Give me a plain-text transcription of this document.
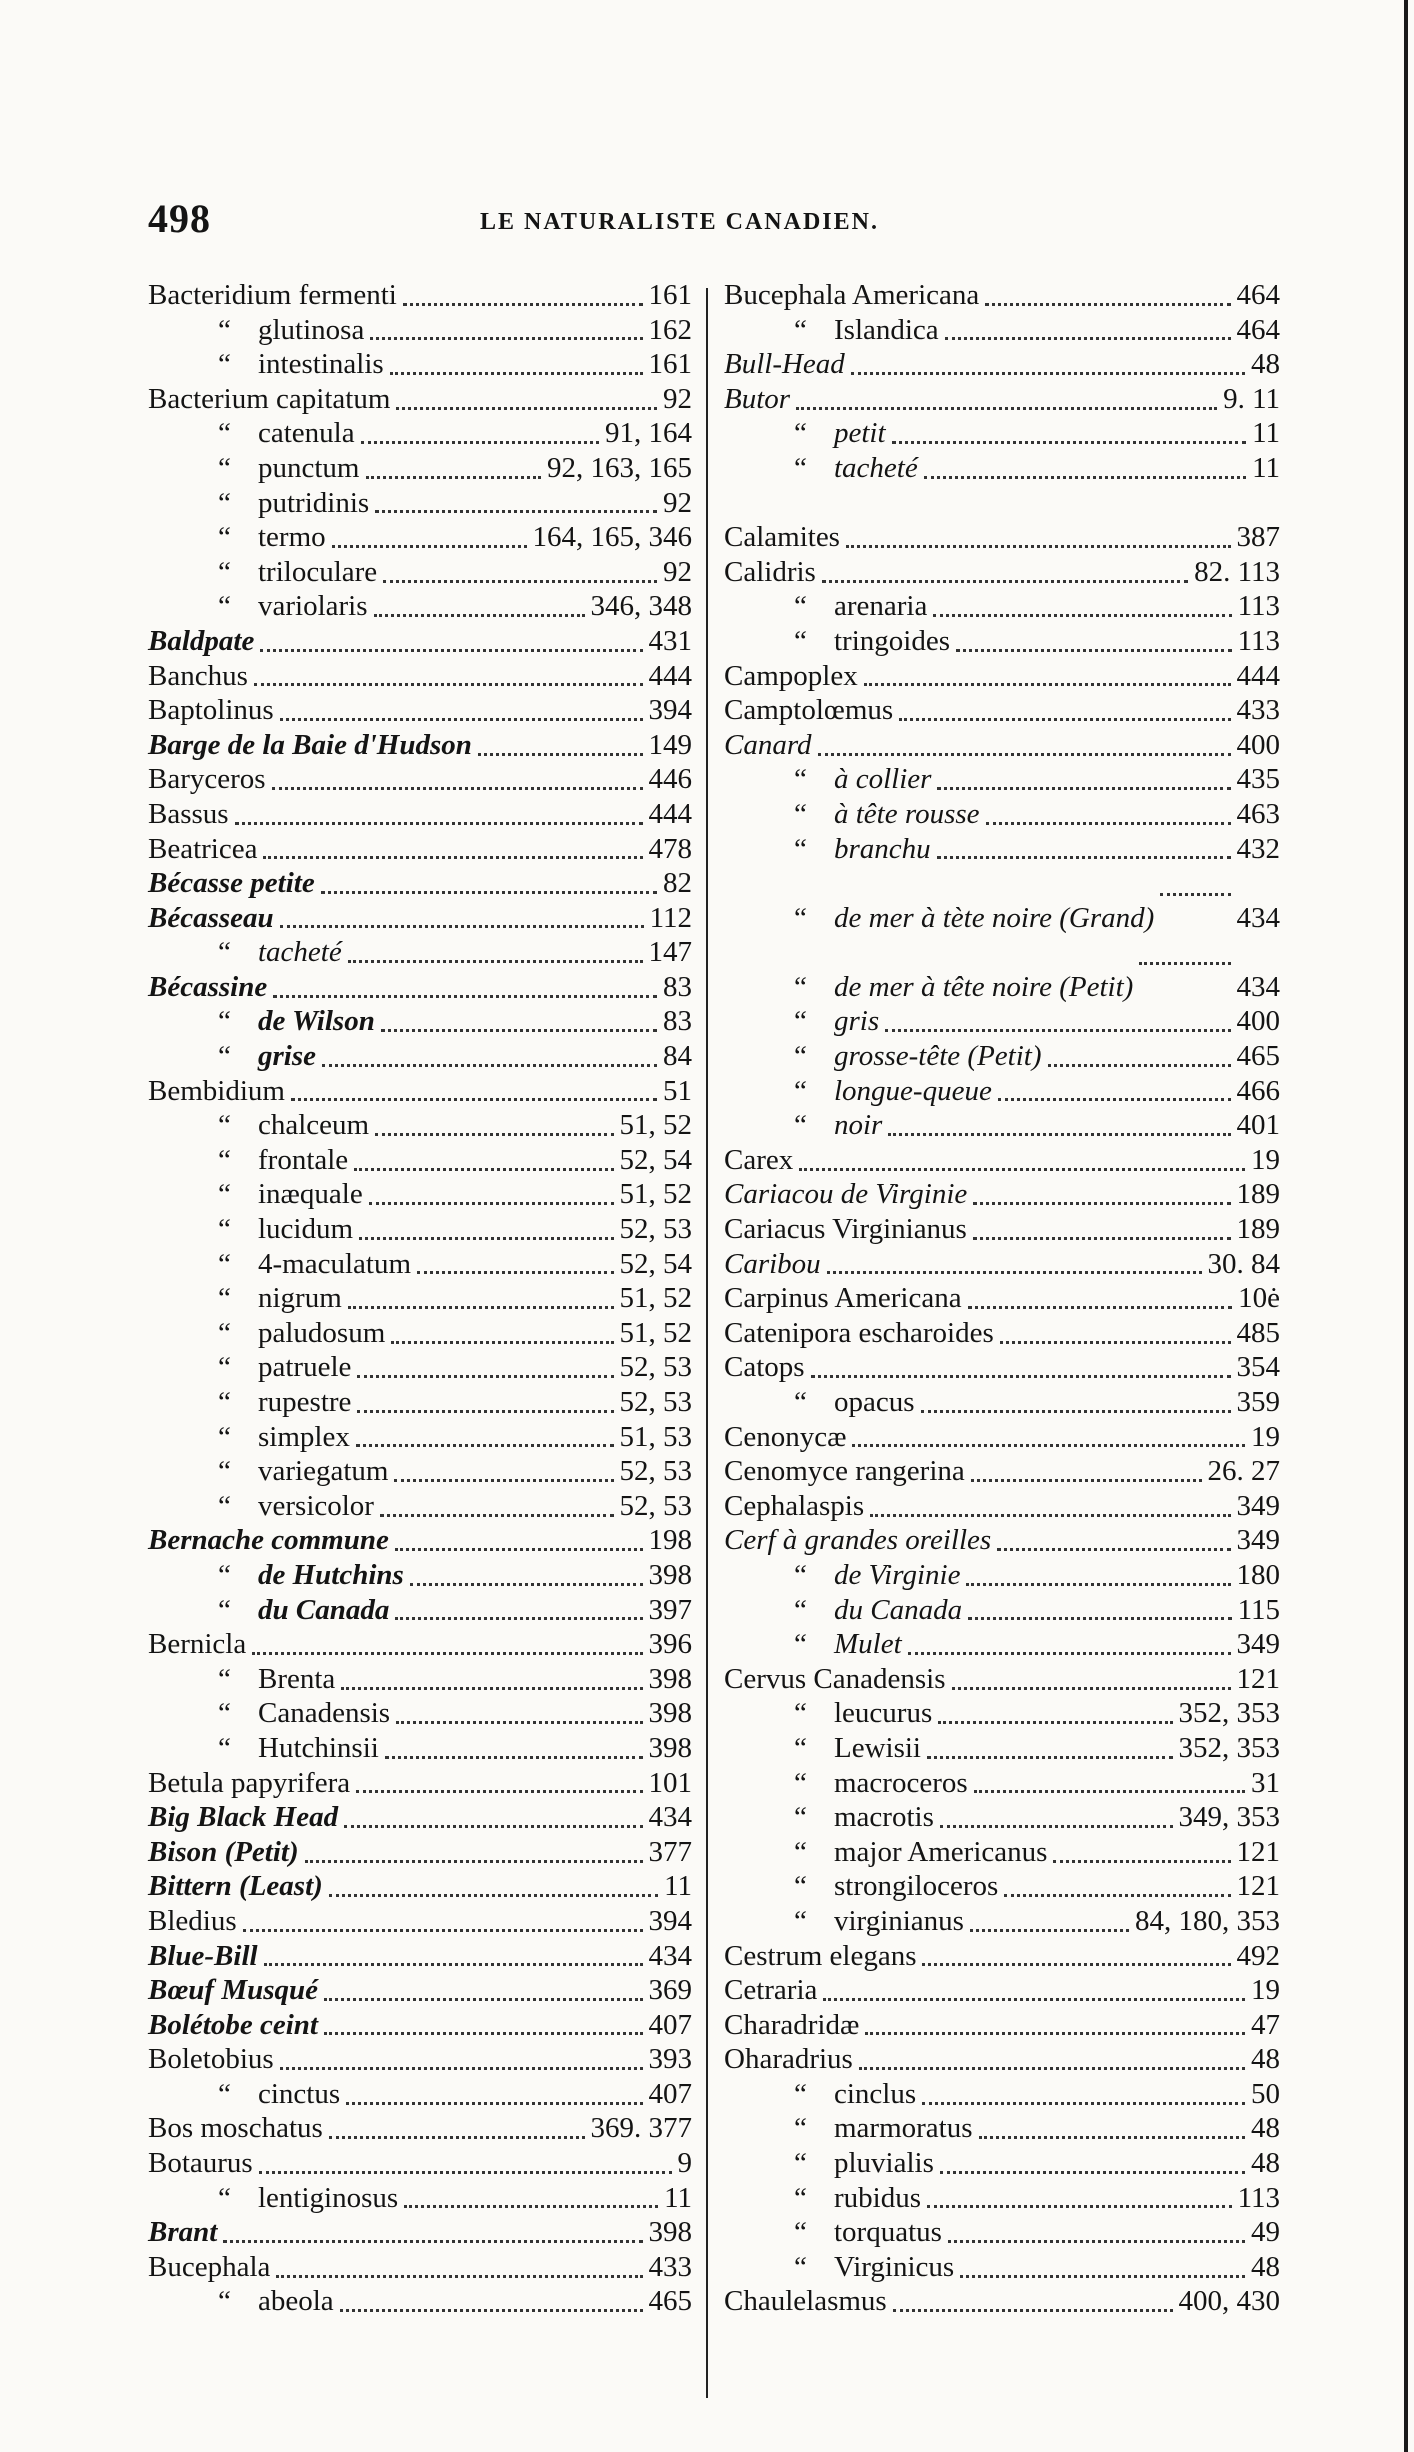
498	LE NATURALISTE CANADIEN.
Bacteridium fermenti	161
“ glutinosa	162
“ intestinalis	161
Bacterium capitatum	92
“ catenula	91, 164
“ punctum	92, 163, 165
“ putridinis	92
“ termo	164, 165, 346
“ triloculare	92
“ variolaris	346, 348
Baldpate	431
Banchus	444
Baptolinus	394
Barge de la Baie d'Hudson	149
Baryceros	446
Bassus	444
Beatricea	478
Bécasse petite	82
Bécasseau	112
“ tacheté	147
Bécassine	83
“ de Wilson	83
“ grise	84
Bembidium	51
“ chalceum	51, 52
“ frontale	52, 54
“ inæquale	51, 52
“ lucidum	52, 53
“ 4-maculatum	52, 54
“ nigrum	51, 52
“ paludosum	51, 52
“ patruele	52, 53
“ rupestre	52, 53
“ simplex	51, 53
“ variegatum	52, 53
“ versicolor	52, 53
Bernache commune	198
“ de Hutchins	398
“ du Canada	397
Bernicla	396
“ Brenta	398
“ Canadensis	398
“ Hutchinsii	398
Betula papyrifera	101
Big Black Head	434
Bison (Petit)	377
Bittern (Least)	11
Bledius	394
Blue-Bill	434
Bœuf Musqué	369
Bolétobe ceint	407
Boletobius	393
“ cinctus	407
Bos moschatus	369. 377
Botaurus	9
“ lentiginosus	11
Brant	398
Bucephala	433
“ abeola	465
Bucephala Americana	464
“ Islandica	464
Bull-Head	48
Butor	9. 11
“ petit	11
“ tacheté	11
Calamites	387
Calidris	82. 113
“ arenaria	113
“ tringoides	113
Campoplex	444
Camptolœmus	433
Canard	400
“ à collier	435
“ à tête rousse	463
“ branchu	432
“ de mer à tète noire (Grand)	434
“ de mer à tête noire (Petit)	434
“ gris	400
“ grosse-tête (Petit)	465
“ longue-queue	466
“ noir	401
Carex	19
Cariacou de Virginie	189
Cariacus Virginianus	189
Caribou	30. 84
Carpinus Americana	10ė
Catenipora escharoides	485
Catops	354
“ opacus	359
Cenonycæ	19
Cenomyce rangerina	26. 27
Cephalaspis	349
Cerf à grandes oreilles	349
“ de Virginie	180
“ du Canada	115
“ Mulet	349
Cervus Canadensis	121
“ leucurus	352, 353
“ Lewisii	352, 353
“ macroceros	31
“ macrotis	349, 353
“ major Americanus	121
“ strongiloceros	121
“ virginianus	84, 180, 353
Cestrum elegans	492
Cetraria	19
Charadridæ	47
Oharadrius	48
“ cinclus	50
“ marmoratus	48
“ pluvialis	48
“ rubidus	113
“ torquatus	49
“ Virginicus	48
Chaulelasmus	400, 430
